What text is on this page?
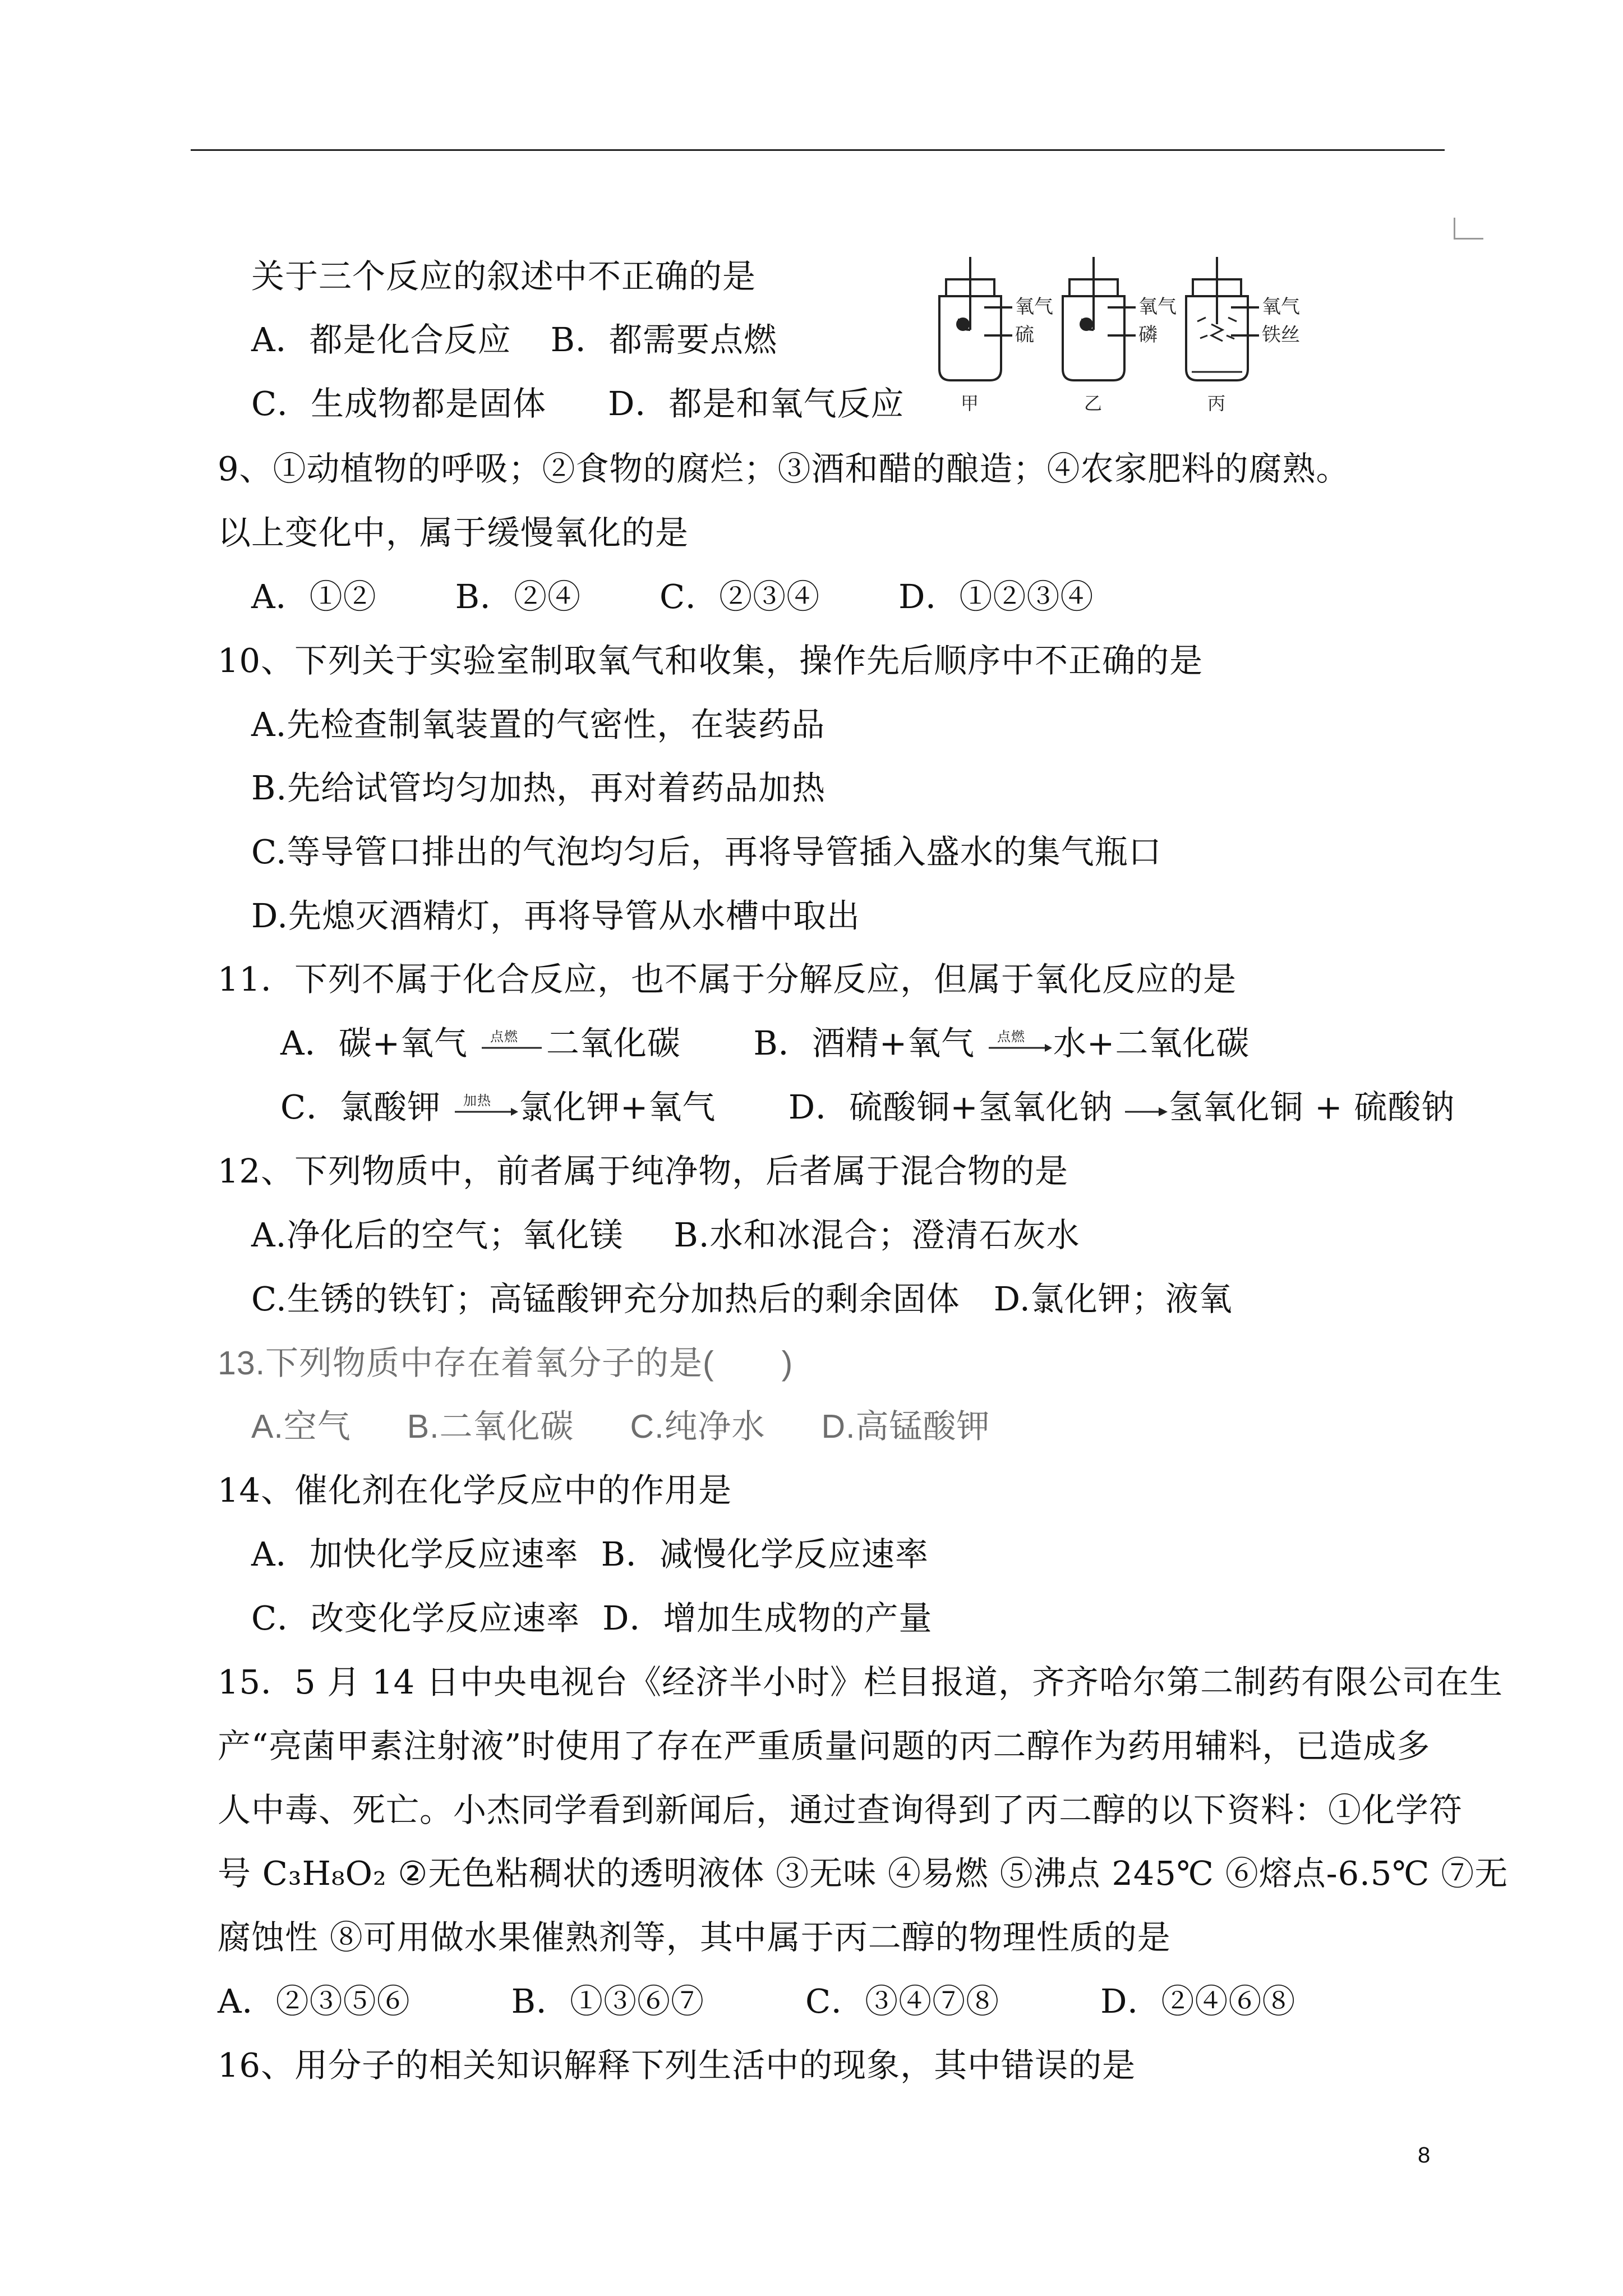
关于三个反应的叙述中不正确的是
A．都是化合反应 B．都需要点燃
C．生成物都是固体 D．都是和氧气反应
氧气
硫
甲
氧气
磷
乙
氧气
铁丝
丙
9、①动植物的呼吸；②食物的腐烂；③酒和醋的酿造；④农家肥料的腐熟。
以上变化中，属于缓慢氧化的是
A．①② B．②④ C．②③④ D．①②③④
10、下列关于实验室制取氧气和收集，操作先后顺序中不正确的是
A.先检查制氧装置的气密性，在装药品
B.先给试管均匀加热，再对着药品加热
C.等导管口排出的气泡均匀后，再将导管插入盛水的集气瓶口
D.先熄灭酒精灯，再将导管从水槽中取出
11．下列不属于化合反应，也不属于分解反应，但属于氧化反应的是
A．碳+氧气 点燃 二氧化碳 B．酒精+氧气 点燃 水+二氧化碳
C．氯酸钾 加热 氯化钾+氧气 D．硫酸铜+氢氧化钠 氢氧化铜 + 硫酸钠
12、下列物质中，前者属于纯净物，后者属于混合物的是
A.净化后的空气；氧化镁 B.水和冰混合；澄清石灰水
C.生锈的铁钉；高锰酸钾充分加热后的剩余固体 D.氯化钾；液氧
13.下列物质中存在着氧分子的是(　　)
A.空气 B.二氧化碳 C.纯净水 D.高锰酸钾
14、催化剂在化学反应中的作用是
A．加快化学反应速率 B．减慢化学反应速率
C．改变化学反应速率 D．增加生成物的产量
15．5 月 14 日中央电视台《经济半小时》栏目报道，齐齐哈尔第二制药有限公司在生
产“亮菌甲素注射液”时使用了存在严重质量问题的丙二醇作为药用辅料，已造成多
人中毒、死亡。小杰同学看到新闻后，通过查询得到了丙二醇的以下资料：①化学符
号 C₃H₈O₂ ②无色粘稠状的透明液体 ③无味 ④易燃 ⑤沸点 245℃ ⑥熔点-6.5℃ ⑦无
腐蚀性 ⑧可用做水果催熟剂等，其中属于丙二醇的物理性质的是
A．②③⑤⑥	B．①③⑥⑦	C．③④⑦⑧	D．②④⑥⑧
16、用分子的相关知识解释下列生活中的现象，其中错误的是
8
